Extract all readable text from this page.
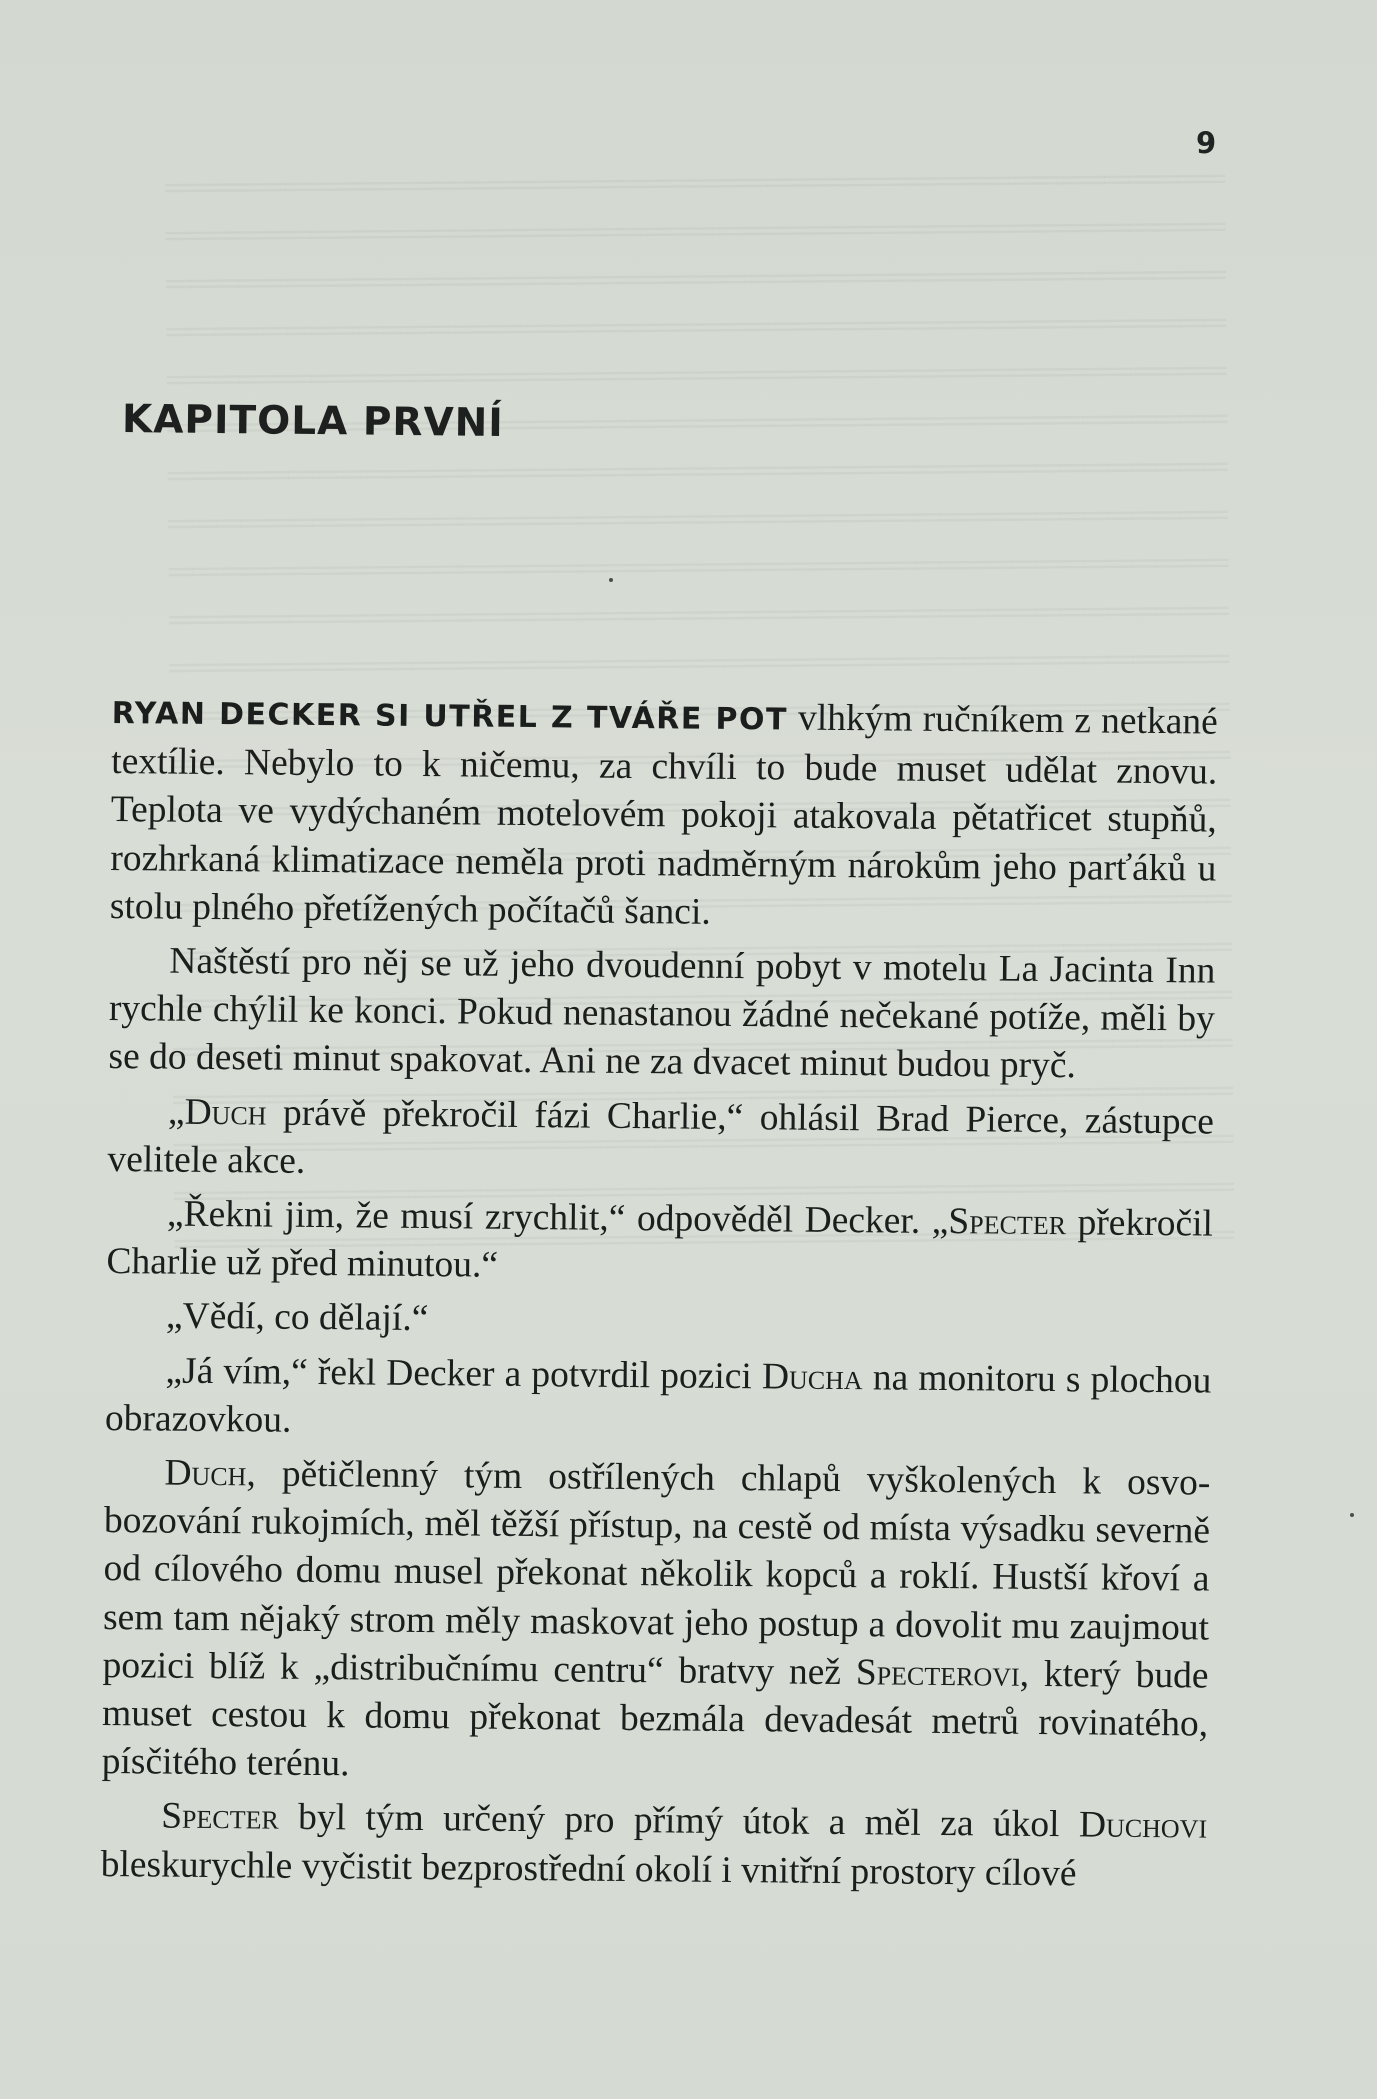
9
KAPITOLA PRVNÍ

RYAN DECKER SI UTŘEL Z TVÁŘE POT vlhkým ručníkem z netkané textílie. Nebylo to k ničemu, za chvíli to bude muset udělat znovu. Teplota ve vydýchaném motelovém pokoji atakovala pětatřicet stupňů, rozhrkaná klimatizace neměla proti nadměrným nárokům jeho parťáků u stolu plného přetížených počítačů šanci.

Naštěstí pro něj se už jeho dvoudenní pobyt v motelu La Jacinta Inn rychle chýlil ke konci. Pokud nenastanou žádné nečekané potíže, měli by se do deseti minut spakovat. Ani ne za dvacet minut budou pryč.

„Duch právě překročil fázi Charlie,“ ohlásil Brad Pierce, zástupce velitele akce.

„Řekni jim, že musí zrychlit,“ odpověděl Decker. „Specter překročil Charlie už před minutou.“

„Vědí, co dělají.“

„Já vím,“ řekl Decker a potvrdil pozici Ducha na monitoru s plochou obrazovkou.

Duch, pětičlenný tým ostřílených chlapů vyškolených k osvobozování rukojmích, měl těžší přístup, na cestě od místa výsadku severně od cílového domu musel překonat několik kopců a roklí. Hustší křoví a sem tam nějaký strom měly maskovat jeho postup a dovolit mu zaujmout pozici blíž k „distribučnímu centru“ bratvy než Specterovi, který bude muset cestou k domu překonat bezmála devadesát metrů rovinatého, písčitého terénu.

Specter byl tým určený pro přímý útok a měl za úkol Duchovi bleskurychle vyčistit bezprostřední okolí i vnitřní prostory cílové
